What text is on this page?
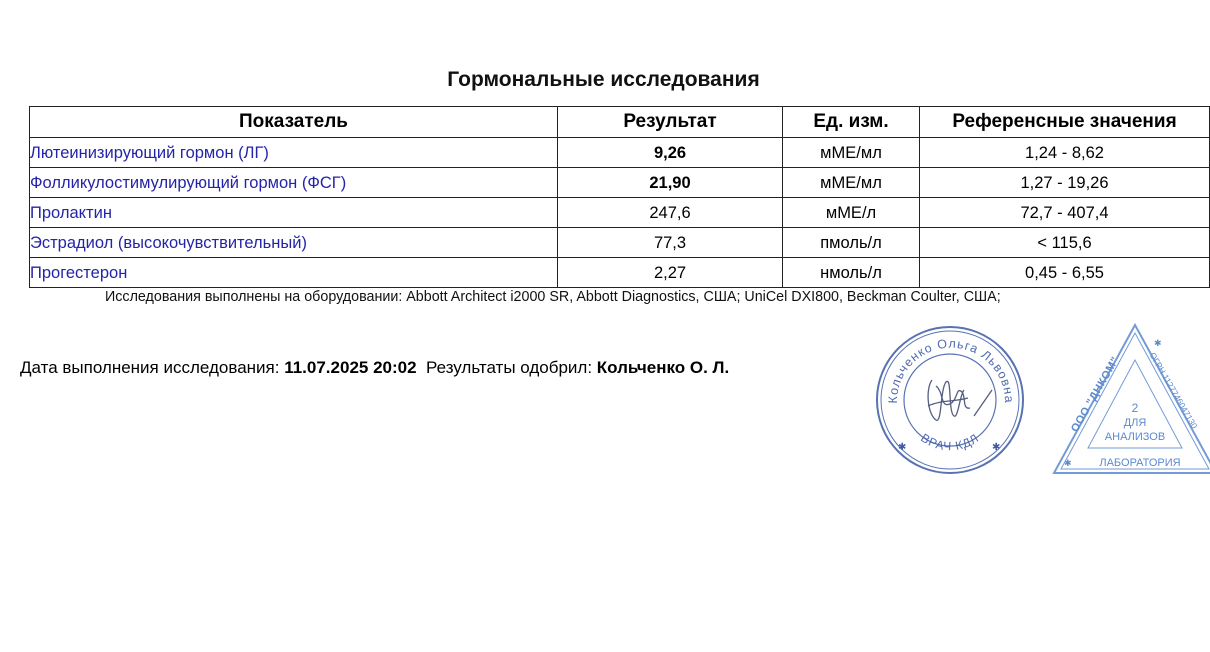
Гормональные исследования
Показатель	Результат	Ед. изм.	Референсные значения
Лютеинизирующий гормон (ЛГ)	9,26	мМЕ/мл	1,24 - 8,62
Фолликулостимулирующий гормон (ФСГ)	21,90	мМЕ/мл	1,27 - 19,26
Пролактин	247,6	мМЕ/л	72,7 - 407,4
Эстрадиол (высокочувствительный)	77,3	пмоль/л	< 115,6
Прогестерон	2,27	нмоль/л	0,45 - 6,55
Исследования выполнены на оборудовании: Abbott Architect i2000 SR, Abbott Diagnostics, США; UniCel DXI800, Beckman Coulter, США;
Дата выполнения исследования: 11.07.2025 20:02 Результаты одобрил: Кольченко О. Л.
Кольченко Ольга Львовна
ВРАЧ КДЛ
✱	✱
ООО "ДНКОМ"	ОГРН 1127746047130
2
ДЛЯ
АНАЛИЗОВ
ЛАБОРАТОРИЯ
✱
✱
